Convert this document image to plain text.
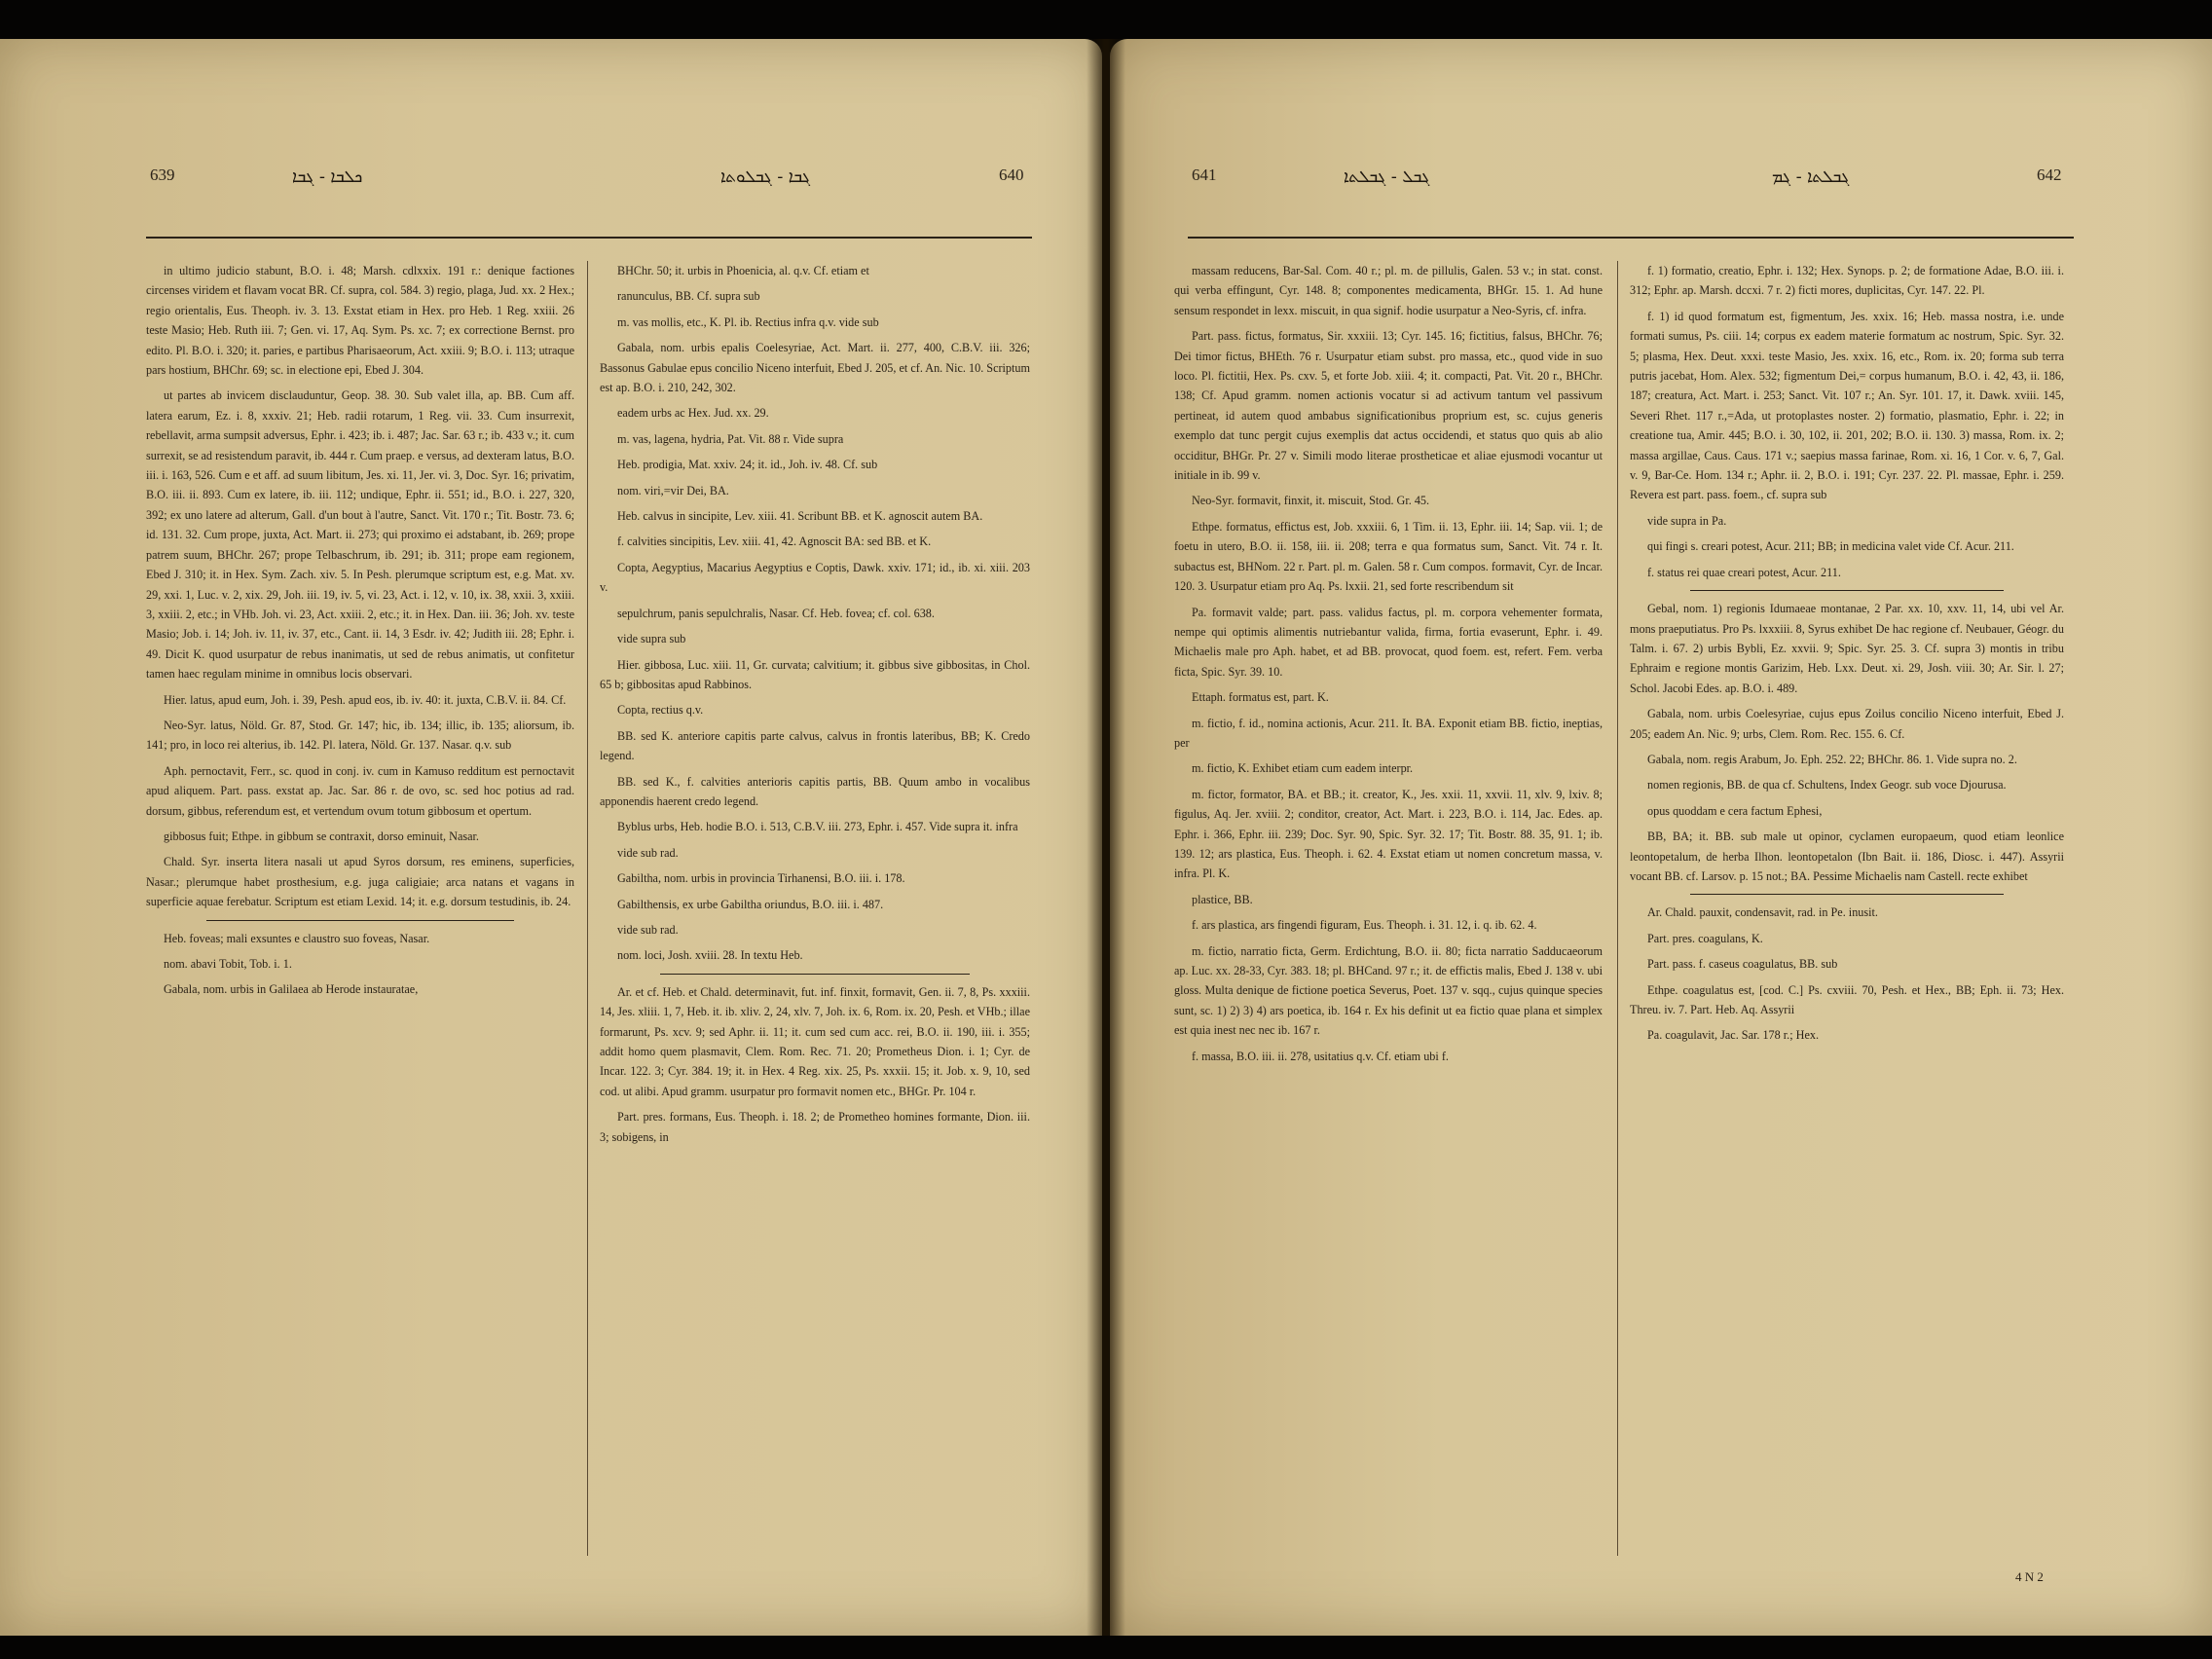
639	ܟܠܒܐ - ܓܒܐ	ܓܒܐ - ܓܒܠܘܬܐ	640

in ultimo judicio stabunt, B.O. i. 48; Marsh. cdlxxix. 191 r.: denique factiones circenses viridem et flavam vocat BR. Cf. supra, col. 584. 3) regio, plaga, Jud. xx. 2 Hex.; regio orientalis, Eus. Theoph. iv. 3. 13. Exstat etiam in Hex. pro Heb. 1 Reg. xxiii. 26 teste Masio; Heb. Ruth iii. 7; Gen. vi. 17, Aq. Sym. Ps. xc. 7; ex correctione Bernst. pro edito. Pl. B.O. i. 320; it. paries, e partibus Pharisaeorum, Act. xxiii. 9; B.O. i. 113; utraque pars hostium, BHChr. 69; sc. in electione epi, Ebed J. 304.

ut partes ab invicem disclauduntur, Geop. 38. 30. Sub valet illa, ap. BB. Cum aff. latera earum, Ez. i. 8, xxxiv. 21; Heb. radii rotarum, 1 Reg. vii. 33. Cum insurrexit, rebellavit, arma sumpsit adversus, Ephr. i. 423; ib. i. 487; Jac. Sar. 63 r.; ib. 433 v.; it. cum surrexit, se ad resistendum paravit, ib. 444 r. Cum praep. e versus, ad dexteram latus, B.O. iii. i. 163, 526. Cum e et aff. ad suum libitum, Jes. xi. 11, Jer. vi. 3, Doc. Syr. 16; privatim, B.O. iii. ii. 893. Cum ex latere, ib. iii. 112; undique, Ephr. ii. 551; id., B.O. i. 227, 320, 392; ex uno latere ad alterum, Gall. d'un bout à l'autre, Sanct. Vit. 170 r.; Tit. Bostr. 73. 6; id. 131. 32. Cum prope, juxta, Act. Mart. ii. 273; qui proximo ei adstabant, ib. 269; prope patrem suum, BHChr. 267; prope Telbaschrum, ib. 291; ib. 311; prope eam regionem, Ebed J. 310; it. in Hex. Sym. Zach. xiv. 5. In Pesh. plerumque scriptum est, e.g. Mat. xv. 29, xxi. 1, Luc. v. 2, xix. 29, Joh. iii. 19, iv. 5, vi. 23, Act. i. 12, v. 10, ix. 38, xxii. 3, xxiii. 3, xxiii. 2, etc.; in VHb. Joh. vi. 23, Act. xxiii. 2, etc.; it. in Hex. Dan. iii. 36; Joh. xv. teste Masio; Job. i. 14; Joh. iv. 11, iv. 37, etc., Cant. ii. 14, 3 Esdr. iv. 42; Judith iii. 28; Ephr. i. 49. Dicit K. quod usurpatur de rebus inanimatis, ut sed de rebus animatis, ut confitetur tamen haec regulam minime in omnibus locis observari.

Hier. latus, apud eum, Joh. i. 39, Pesh. apud eos, ib. iv. 40: it. juxta, C.B.V. ii. 84. Cf.

Neo-Syr. latus, Nöld. Gr. 87, Stod. Gr. 147; hic, ib. 134; illic, ib. 135; aliorsum, ib. 141; pro, in loco rei alterius, ib. 142. Pl. latera, Nöld. Gr. 137. Nasar. q.v. sub

Aph. pernoctavit, Ferr., sc. quod in conj. iv. cum in Kamuso redditum est pernoctavit apud aliquem. Part. pass. exstat ap. Jac. Sar. 86 r. de ovo, sc. sed hoc potius ad rad. dorsum, gibbus, referendum est, et vertendum ovum totum gibbosum et opertum.

gibbosus fuit; Ethpe. in gibbum se contraxit, dorso eminuit, Nasar.

Chald. Syr. inserta litera nasali ut apud Syros dorsum, res eminens, superficies, Nasar.; plerumque habet prosthesium, e.g. juga caligiaie; arca natans et vagans in superficie aquae ferebatur. Scriptum est etiam Lexid. 14; it. e.g. dorsum testudinis, ib. 24.

Heb. foveas; mali exsuntes e claustro suo foveas, Nasar.

nom. abavi Tobit, Tob. i. 1.

Gabala, nom. urbis in Galilaea ab Herode instauratae,

BHChr. 50; it. urbis in Phoenicia, al. q.v. Cf. etiam et

ranunculus, BB. Cf. supra sub

m. vas mollis, etc., K. Pl. ib. Rectius infra q.v. vide sub

Gabala, nom. urbis epalis Coelesyriae, Act. Mart. ii. 277, 400, C.B.V. iii. 326; Bassonus Gabulae epus concilio Niceno interfuit, Ebed J. 205, et cf. An. Nic. 10. Scriptum est ap. B.O. i. 210, 242, 302.

eadem urbs ac Hex. Jud. xx. 29.

m. vas, lagena, hydria, Pat. Vit. 88 r. Vide supra

Heb. prodigia, Mat. xxiv. 24; it. id., Joh. iv. 48. Cf. sub

nom. viri,=vir Dei, BA.

Heb. calvus in sincipite, Lev. xiii. 41. Scribunt BB. et K. agnoscit autem BA.

f. calvities sincipitis, Lev. xiii. 41, 42. Agnoscit BA: sed BB. et K.

Copta, Aegyptius, Macarius Aegyptius e Coptis, Dawk. xxiv. 171; id., ib. xi. xiii. 203 v.

sepulchrum, panis sepulchralis, Nasar. Cf. Heb. fovea; cf. col. 638.

vide supra sub

Hier. gibbosa, Luc. xiii. 11, Gr. curvata; calvitium; it. gibbus sive gibbositas, in Chol. 65 b; gibbositas apud Rabbinos.

Copta, rectius q.v.

BB. sed K. anteriore capitis parte calvus, calvus in frontis lateribus, BB; K. Credo legend.

BB. sed K., f. calvities anterioris capitis partis, BB. Quum ambo in vocalibus apponendis haerent credo legend.

Byblus urbs, Heb. hodie B.O. i. 513, C.B.V. iii. 273, Ephr. i. 457. Vide supra it. infra

vide sub rad.

Gabiltha, nom. urbis in provincia Tirhanensi, B.O. iii. i. 178.

Gabilthensis, ex urbe Gabiltha oriundus, B.O. iii. i. 487.

vide sub rad.

nom. loci, Josh. xviii. 28. In textu Heb.

Ar. et cf. Heb. et Chald. determinavit, fut. inf. finxit, formavit, Gen. ii. 7, 8, Ps. xxxiii. 14, Jes. xliii. 1, 7, Heb. it. ib. xliv. 2, 24, xlv. 7, Joh. ix. 6, Rom. ix. 20, Pesh. et VHb.; illae formarunt, Ps. xcv. 9; sed Aphr. ii. 11; it. cum sed cum acc. rei, B.O. ii. 190, iii. i. 355; addit homo quem plasmavit, Clem. Rom. Rec. 71. 20; Prometheus Dion. i. 1; Cyr. de Incar. 122. 3; Cyr. 384. 19; it. in Hex. 4 Reg. xix. 25, Ps. xxxii. 15; it. Job. x. 9, 10, sed cod. ut alibi. Apud gramm. usurpatur pro formavit nomen etc., BHGr. Pr. 104 r.

Part. pres. formans, Eus. Theoph. i. 18. 2; de Prometheo homines formante, Dion. iii. 3; sobigens, in

641	ܓܒܠ - ܓܒܠܬܐ	ܓܒܠܬܐ - ܓܡ	642

massam reducens, Bar-Sal. Com. 40 r.; pl. m. de pillulis, Galen. 53 v.; in stat. const. qui verba effingunt, Cyr. 148. 8; componentes medicamenta, BHGr. 15. 1. Ad hune sensum respondet in lexx. miscuit, in qua signif. hodie usurpatur a Neo-Syris, cf. infra.

Part. pass. fictus, formatus, Sir. xxxiii. 13; Cyr. 145. 16; fictitius, falsus, BHChr. 76; Dei timor fictus, BHEth. 76 r. Usurpatur etiam subst. pro massa, etc., quod vide in suo loco. Pl. fictitii, Hex. Ps. cxv. 5, et forte Job. xiii. 4; it. compacti, Pat. Vit. 20 r., BHChr. 138; Cf. Apud gramm. nomen actionis vocatur si ad activum tantum vel passivum pertineat, id autem quod ambabus significationibus proprium est, sc. cujus generis exemplo dat tunc pergit cujus exemplis dat actus occidendi, et status quo quis ab alio occiditur, BHGr. Pr. 27 v. Simili modo literae prostheticae et aliae ejusmodi vocantur ut initiale in ib. 99 v.

Neo-Syr. formavit, finxit, it. miscuit, Stod. Gr. 45.

Ethpe. formatus, effictus est, Job. xxxiii. 6, 1 Tim. ii. 13, Ephr. iii. 14; Sap. vii. 1; de foetu in utero, B.O. ii. 158, iii. ii. 208; terra e qua formatus sum, Sanct. Vit. 74 r. It. subactus est, BHNom. 22 r. Part. pl. m. Galen. 58 r. Cum compos. formavit, Cyr. de Incar. 120. 3. Usurpatur etiam pro Aq. Ps. lxxii. 21, sed forte rescribendum sit

Pa. formavit valde; part. pass. validus factus, pl. m. corpora vehementer formata, nempe qui optimis alimentis nutriebantur valida, firma, fortia evaserunt, Ephr. i. 49. Michaelis male pro Aph. habet, et ad BB. provocat, quod foem. est, refert. Fem. verba ficta, Spic. Syr. 39. 10.

Ettaph. formatus est, part. K.

m. fictio, f. id., nomina actionis, Acur. 211. It. BA. Exponit etiam BB. fictio, ineptias, per

m. fictio, K. Exhibet etiam cum eadem interpr.

m. fictor, formator, BA. et BB.; it. creator, K., Jes. xxii. 11, xxvii. 11, xlv. 9, lxiv. 8; figulus, Aq. Jer. xviii. 2; conditor, creator, Act. Mart. i. 223, B.O. i. 114, Jac. Edes. ap. Ephr. i. 366, Ephr. iii. 239; Doc. Syr. 90, Spic. Syr. 32. 17; Tit. Bostr. 88. 35, 91. 1; ib. 139. 12; ars plastica, Eus. Theoph. i. 62. 4. Exstat etiam ut nomen concretum massa, v. infra. Pl. K.

plastice, BB.

f. ars plastica, ars fingendi figuram, Eus. Theoph. i. 31. 12, i. q. ib. 62. 4.

m. fictio, narratio ficta, Germ. Erdichtung, B.O. ii. 80; ficta narratio Sadducaeorum ap. Luc. xx. 28-33, Cyr. 383. 18; pl. BHCand. 97 r.; it. de effictis malis, Ebed J. 138 v. ubi gloss. Multa denique de fictione poetica Severus, Poet. 137 v. sqq., cujus quinque species sunt, sc. 1) 2) 3) 4) ars poetica, ib. 164 r. Ex his definit ut ea fictio quae plana et simplex est quia inest nec nec ib. 167 r.

f. massa, B.O. iii. ii. 278, usitatius q.v. Cf. etiam ubi f.

f. 1) formatio, creatio, Ephr. i. 132; Hex. Synops. p. 2; de formatione Adae, B.O. iii. i. 312; Ephr. ap. Marsh. dccxi. 7 r. 2) ficti mores, duplicitas, Cyr. 147. 22. Pl.

f. 1) id quod formatum est, figmentum, Jes. xxix. 16; Heb. massa nostra, i.e. unde formati sumus, Ps. ciii. 14; corpus ex eadem materie formatum ac nostrum, Spic. Syr. 32. 5; plasma, Hex. Deut. xxxi. teste Masio, Jes. xxix. 16, etc., Rom. ix. 20; forma sub terra putris jacebat, Hom. Alex. 532; figmentum Dei,= corpus humanum, B.O. i. 42, 43, ii. 186, 187; creatura, Act. Mart. i. 253; Sanct. Vit. 107 r.; An. Syr. 101. 17, it. Dawk. xviii. 145, Severi Rhet. 117 r.,=Ada, ut protoplastes noster. 2) formatio, plasmatio, Ephr. i. 22; in creatione tua, Amir. 445; B.O. i. 30, 102, ii. 201, 202; B.O. ii. 130. 3) massa, Rom. ix. 2; massa argillae, Caus. Caus. 171 v.; saepius massa farinae, Rom. xi. 16, 1 Cor. v. 6, 7, Gal. v. 9, Bar-Ce. Hom. 134 r.; Aphr. ii. 2, B.O. i. 191; Cyr. 237. 22. Pl. massae, Ephr. i. 259. Revera est part. pass. foem., cf. supra sub

vide supra in Pa.

qui fingi s. creari potest, Acur. 211; BB; in medicina valet vide Cf. Acur. 211.

f. status rei quae creari potest, Acur. 211.

Gebal, nom. 1) regionis Idumaeae montanae, 2 Par. xx. 10, xxv. 11, 14, ubi vel Ar. mons praeputiatus. Pro Ps. lxxxiii. 8, Syrus exhibet De hac regione cf. Neubauer, Géogr. du Talm. i. 67. 2) urbis Bybli, Ez. xxvii. 9; Spic. Syr. 25. 3. Cf. supra 3) montis in tribu Ephraim e regione montis Garizim, Heb. Lxx. Deut. xi. 29, Josh. viii. 30; Ar. Sir. l. 27; Schol. Jacobi Edes. ap. B.O. i. 489.

Gabala, nom. urbis Coelesyriae, cujus epus Zoilus concilio Niceno interfuit, Ebed J. 205; eadem An. Nic. 9; urbs, Clem. Rom. Rec. 155. 6. Cf.

Gabala, nom. regis Arabum, Jo. Eph. 252. 22; BHChr. 86. 1. Vide supra no. 2.

nomen regionis, BB. de qua cf. Schultens, Index Geogr. sub voce Djourusa.

opus quoddam e cera factum Ephesi,

BB, BA; it. BB. sub male ut opinor, cyclamen europaeum, quod etiam leonlice leontopetalum, de herba Ilhon. leontopetalon (Ibn Bait. ii. 186, Diosc. i. 447). Assyrii vocant BB. cf. Larsov. p. 15 not.; BA. Pessime Michaelis nam Castell. recte exhibet

Ar. Chald. pauxit, condensavit, rad. in Pe. inusit.

Part. pres. coagulans, K.

Part. pass. f. caseus coagulatus, BB. sub

Ethpe. coagulatus est, [cod. C.] Ps. cxviii. 70, Pesh. et Hex., BB; Eph. ii. 73; Hex. Threu. iv. 7. Part. Heb. Aq. Assyrii

Pa. coagulavit, Jac. Sar. 178 r.; Hex.

4 N 2
